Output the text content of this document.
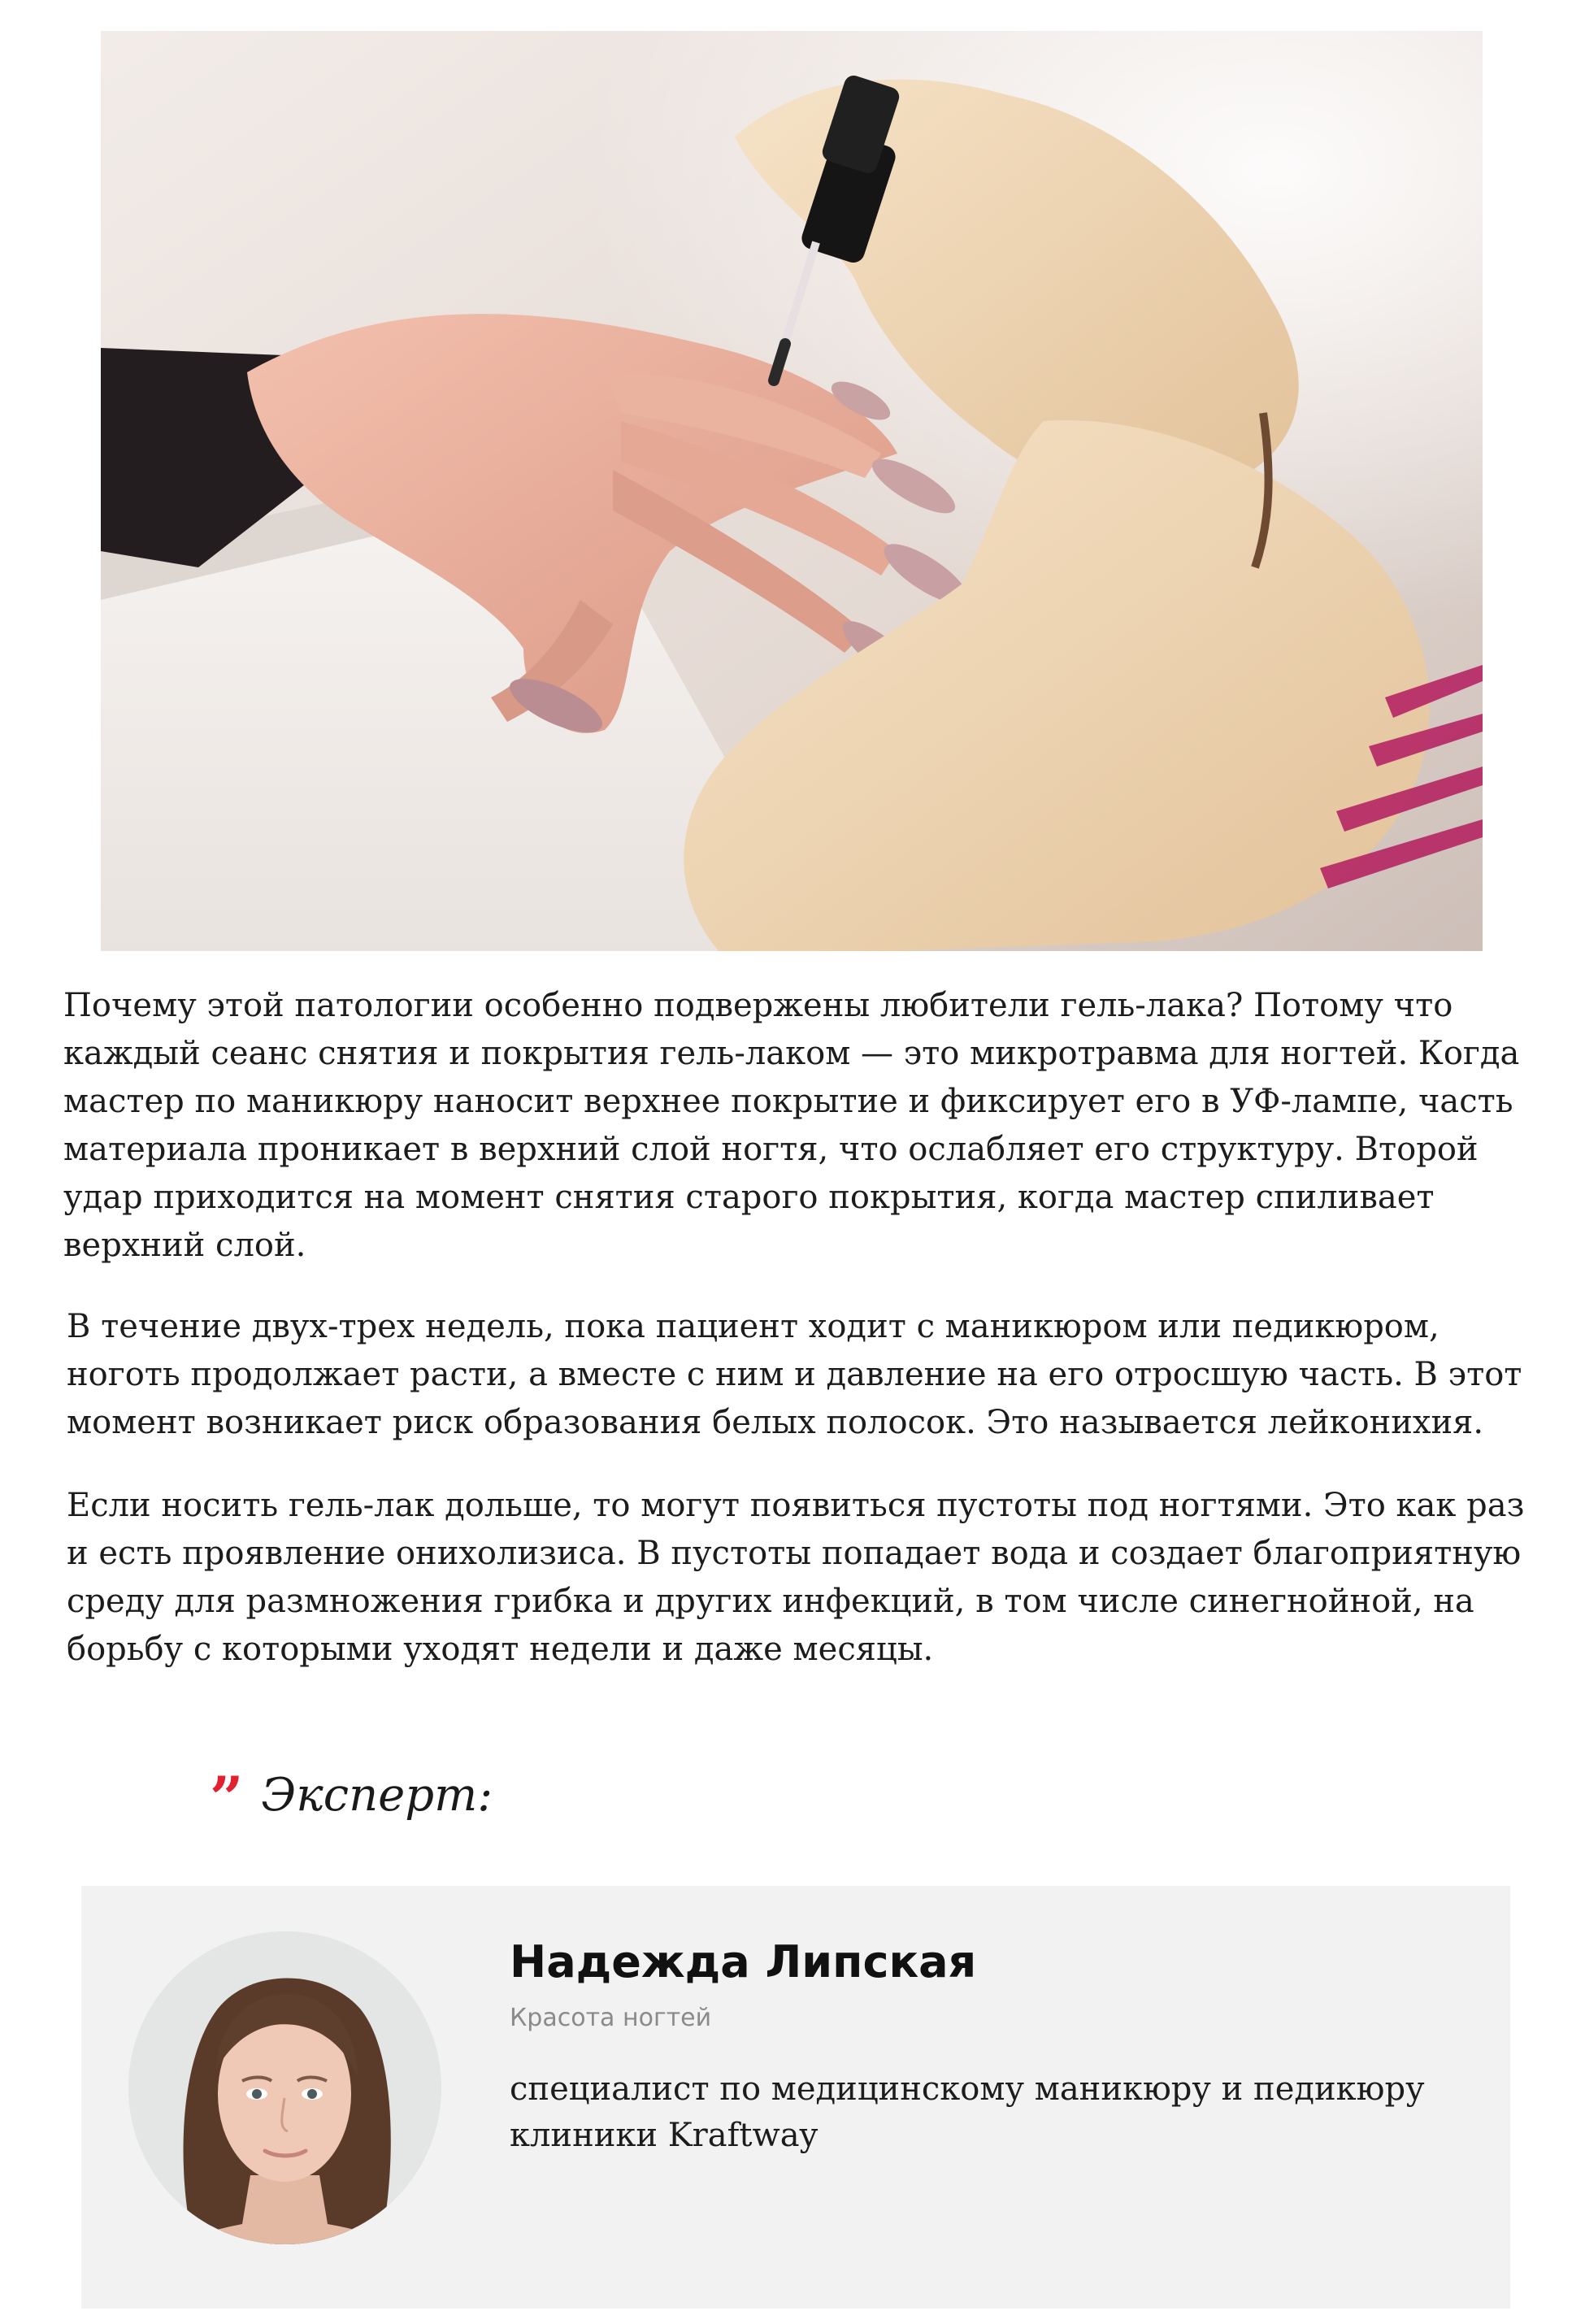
Почему этой патологии особенно подвержены любители гель-лака? Потому что каждый сеанс снятия и покрытия гель-лаком — это микротравма для ногтей. Когда мастер по маникюру наносит верхнее покрытие и фиксирует его в УФ-лампе, часть материала проникает в верхний слой ногтя, что ослабляет его структуру. Второй удар приходится на момент снятия старого покрытия, когда мастер спиливает верхний слой.

В течение двух-трех недель, пока пациент ходит с маникюром или педикюром, ноготь продолжает расти, а вместе с ним и давление на его отросшую часть. В этот момент возникает риск образования белых полосок. Это называется лейконихия.

Если носить гель-лак дольше, то могут появиться пустоты под ногтями. Это как раз и есть проявление онихолизиса. В пустоты попадает вода и создает благоприятную среду для размножения грибка и других инфекций, в том числе синегнойной, на борьбу с которыми уходят недели и даже месяцы.

” Эксперт:
Надежда Липская

Красота ногтей

специалист по медицинскому маникюру и педикюру клиники Kraftway
